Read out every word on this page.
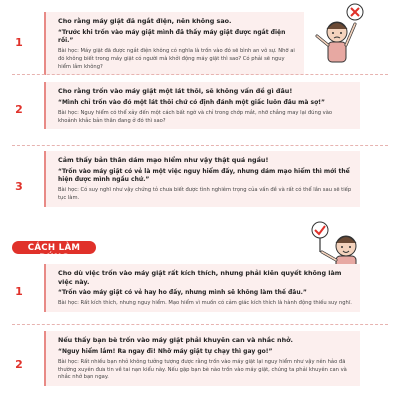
1
Cho rằng máy giặt đã ngắt điện, nên không sao.
“Trước khi trốn vào máy giặt mình đã thấy máy giặt được ngắt điện rồi.”
Bài học: Máy giặt đã được ngắt điện không có nghĩa là trốn vào đó sẽ bình an vô sự. Nhỡ ai đó không biết trong máy giặt có người mà khởi động máy giặt thì sao? Có phải sẽ nguy hiểm lắm không?
2
Cho rằng trốn vào máy giặt một lát thôi, sẽ không vấn đề gì đâu!
“Mình chỉ trốn vào đó một lát thôi chứ có định đánh một giấc luôn đâu mà sợ!”
Bài học: Nguy hiểm có thể xảy đến một cách bất ngờ và chỉ trong chớp mắt, nhỡ chẳng may lại đúng vào khoảnh khắc bản thân đang ở đó thì sao?
3
Cảm thấy bản thân dám mạo hiểm như vậy thật quá ngầu!
“Trốn vào máy giặt có vẻ là một việc nguy hiểm đấy, nhưng dám mạo hiểm thì mới thể hiện được mình ngầu chứ.”
Bài học: Có suy nghĩ như vậy chứng tỏ chưa biết được tình nghiêm trọng của vấn đề và rất có thể lần sau sẽ tiếp tục làm.
CÁCH LÀM ĐÚNG
1
Cho dù việc trốn vào máy giặt rất kích thích, nhưng phải kiên quyết không làm việc này.
“Trốn vào máy giặt có vẻ hay ho đấy, nhưng mình sẽ không làm thế đâu.”
Bài học: Rất kích thích, nhưng nguy hiểm. Mạo hiểm vì muốn có cảm giác kích thích là hành động thiếu suy nghĩ.
2
Nếu thấy bạn bè trốn vào máy giặt phải khuyên can và nhắc nhở.
“Nguy hiểm lắm! Ra ngay đi! Nhỡ máy giặt tự chạy thì gay go!”
Bài học: Rất nhiều bạn nhỏ không tưởng tượng được rằng trốn vào máy giặt lại nguy hiểm như vậy nên hảo đã thường xuyên đưa tin về tai nạn kiểu này. Nếu gặp bạn bè nào trốn vào máy giặt, chúng ta phải khuyên can và nhắc nhở bạn ngay.
